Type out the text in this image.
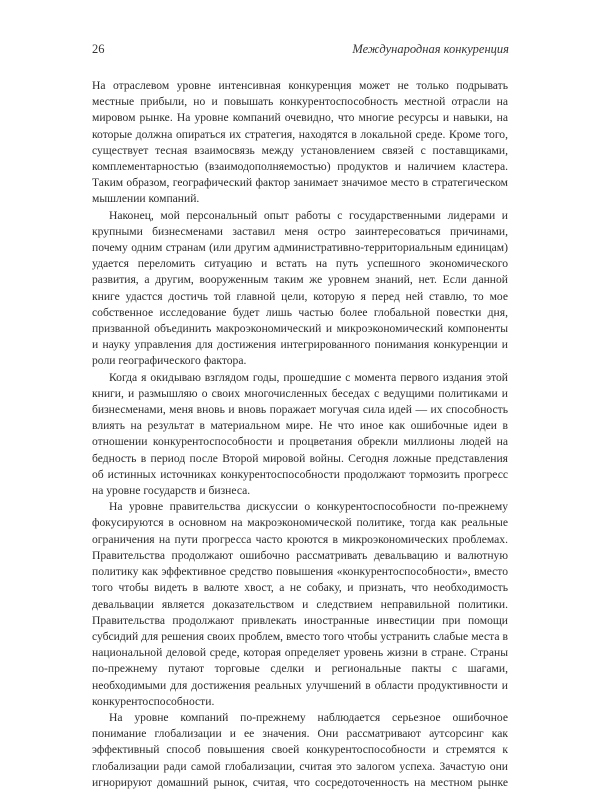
26	Международная конкуренция

На отраслевом уровне интенсивная конкуренция может не только подрывать местные прибыли, но и повышать конкурентоспособность местной отрасли на мировом рынке. На уровне компаний очевидно, что многие ресурсы и навыки, на которые должна опираться их стратегия, находятся в локальной среде. Кроме того, существует тесная взаимосвязь между установлением связей с поставщиками, комплементарностью (взаимодополняемостью) продуктов и наличием кластера. Таким образом, географический фактор занимает значимое место в стратегическом мышлении компаний.

Наконец, мой персональный опыт работы с государственными лидерами и крупными бизнесменами заставил меня остро заинтересоваться причинами, почему одним странам (или другим административно-территориальным единицам) удается переломить ситуацию и встать на путь успешного экономического развития, а другим, вооруженным таким же уровнем знаний, нет. Если данной книге удастся достичь той главной цели, которую я перед ней ставлю, то мое собственное исследование будет лишь частью более глобальной повестки дня, призванной объединить макроэкономический и микроэкономический компоненты и науку управления для достижения интегрированного понимания конкуренции и роли географического фактора.

Когда я окидываю взглядом годы, прошедшие с момента первого издания этой книги, и размышляю о своих многочисленных беседах с ведущими политиками и бизнесменами, меня вновь и вновь поражает могучая сила идей — их способность влиять на результат в материальном мире. Не что иное как ошибочные идеи в отношении конкурентоспособности и процветания обрекли миллионы людей на бедность в период после Второй мировой войны. Сегодня ложные представления об истинных источниках конкурентоспособности продолжают тормозить прогресс на уровне государств и бизнеса.

На уровне правительства дискуссии о конкурентоспособности по-прежнему фокусируются в основном на макроэкономической политике, тогда как реальные ограничения на пути прогресса часто кроются в микроэкономических проблемах. Правительства продолжают ошибочно рассматривать девальвацию и валютную политику как эффективное средство повышения «конкурентоспособности», вместо того чтобы видеть в валюте хвост, а не собаку, и признать, что необходимость девальвации является доказательством и следствием неправильной политики. Правительства продолжают привлекать иностранные инвестиции при помощи субсидий для решения своих проблем, вместо того чтобы устранить слабые места в национальной деловой среде, которая определяет уровень жизни в стране. Страны по-прежнему путают торговые сделки и региональные пакты с шагами, необходимыми для достижения реальных улучшений в области продуктивности и конкурентоспособности.

На уровне компаний по-прежнему наблюдается серьезное ошибочное понимание глобализации и ее значения. Они рассматривают аутсорсинг как эффективный способ повышения своей конкурентоспособности и стремятся к глобализации ради самой глобализации, считая это залогом успеха. Зачастую они игнорируют домашний рынок, считая, что сосредоточенность на местном рынке
